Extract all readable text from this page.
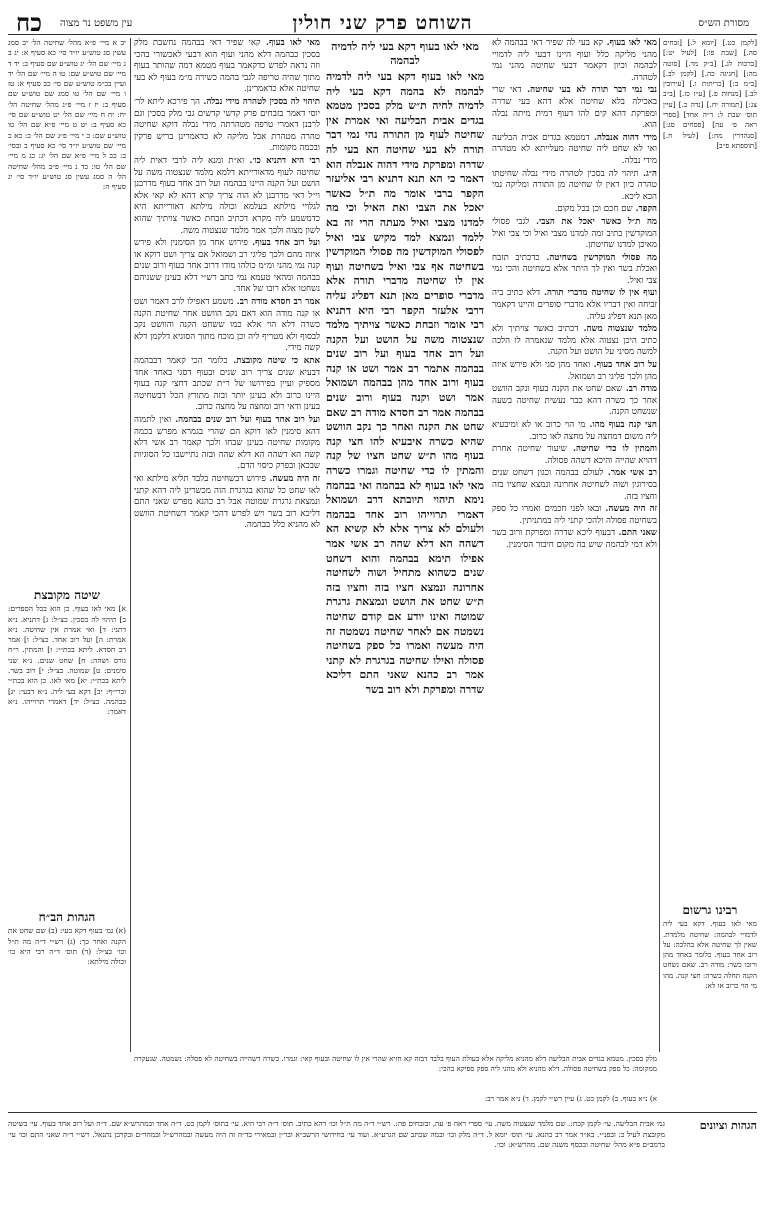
כח עין משפט נר מצוה	השוחט פרק שני חולין	מסורת הש״ס
[לקמן כט.] [יומא ל.] [זבחים סה.] [שבת פו:] [לעיל יט:] [ברכות לג.] [ב״ק מד.] [סוטה מה:] [חגיגה כה.] [לקמן לב.] [ב״מ ב:] [כריתות ו.] [עירובין לב.] [מנחות פ.] [ע״ז כז.] [ב״ב צג:] [תמורה יח.] [נדה כ.] [עיין תוס׳ שבת ל: ד״ה אחד] [ספרי ראה פ׳ עה] [פסחים סג:] [סנהדרין מח:] [לעיל ח.] [תוספתא פ״ב]

מאי לאו בעוף. קא בעי לה שפיר דאי בבהמה לא מהני מליקה כלל ועוף היינו דבעי ליה לדמויי לבהמה וכיון דקאמר דבעי שחיטה מהני נמי לטהרה.

נבי נמי דבר תורה לא בעי שחיטה. דאי שרי באכילה בלא שחיטה אלא דהא בעי שדרה ומפרקת דהא קים להו דעוף דמית מיתה נבלה הוא.

מידי דהוה אנבלה. דמטמא בגדים אבית הבליעה ואי לא שחט ליה שחיטה מעלייתא לא מטהרה מידי נבלה.

ה״ג. תיהוי לה בסכין לטהרה מידי נבלה שחיטתו טהרה כיון דאין לו שחיטה מן התורה ומליקה נמי הכא ליכא.

הקפר. שם חכם וכן בכל מקום.

מה ת״ל כאשר יאכל את הצבי. לגבי פסולי המוקדשין כתיב ומה למדנו מצבי ואיל וכי צבי ואיל מאיכן למדנו שחיטתן.

מה פסולי המוקדשין בשחיטה. כדכתיב תזבח ואכלת בשר ואין לך היתר אלא בשחיטה והכי נמי צבי ואיל.

ועוף אין לו שחיטה מדברי תורה. דלא כתיב ביה זביחה ואין דבריו אלא מדברי סופרים והיינו דקאמר מאן תנא דפליג עליה.

מלמד שנצטוה משה. דכתיב כאשר צויתיך ולא כתיב היכן נצטוה אלא מלמד שנאמרה לו הלכה למשה מסיני על הושט ועל הקנה.

על רוב אחד בעוף. ואחד מהן סגי ולא פירש איזה מהן ולכך פליגי רב ושמואל.

מודה רב. שאם שחט את הקנה בעוף ונקב הוושט אחר כך כשרה דהא כבר נעשית שחיטה בשעה שנשחט הקנה.

חצי קנה בעוף מהו. מי הוי כרוב או לא ומיבעיא ליה משום דמחצה על מחצה לאו כרוב.

והמתין לו כדי שחיטה. שיעור שחיטה אחרת דהויא שהייה והיכא דשהה פסולה.

רב אשי אמר. לעולם בבהמה וכגון דשחט שנים בסירוגין ושוה לשחיטה אחרונה ונמצא שחציו בזה וחציו בזה.

זה היה מעשה. ובאו לפני חכמים ואמרו כל ספק בשחיטה פסולה ולהכי קתני ליה במתניתין.

שאני התם. דבעוף ליכא שדרה ומפרקת ורוב בשר ולא דמי לבהמה שיש בה מקום חיבור הסימנין.

מאי לאו בעוף דקא בעי ליה לדמיה לבהמה
מאי לאו בעוף דקא בעי ליה לדמיה לבהמה לא בהמה דקא בעי ליה לדמיה לחיה ת״ש מלק בסכין מטמא בגדים אבית הבליעה ואי אמרת אין שחיטה לעוף מן התורה נהי נמי דבר תורה לא בעי שחיטה הא בעי לה שדרה ומפרקת מידי דהוה אנבלה הוא דאמר כי הא תנא דתניא רבי אליעזר הקפר ברבי אומר מה ת״ל כאשר יאכל את הצבי ואת האיל וכי מה למדנו מצבי ואיל מעתה הרי זה בא ללמד ונמצא למד מקיש צבי ואיל לפסולי המוקדשין מה פסולי המוקדשין בשחיטה אף צבי ואיל בשחיטה ועוף אין לו שחיטה מדברי תורה אלא מדברי סופרים מאן תנא דפליג עליה דרבי אלעזר הקפר רבי היא דתניא רבי אומר וזבחת כאשר צויתיך מלמד שנצטוה משה על הושט ועל הקנה ועל רוב אחד בעוף ועל רוב שנים בבהמה אתמר רב אמר ושט או קנה בעוף ורוב אחד מהן בבהמה ושמואל אמר ושט וקנה בעוף ורוב שנים בבהמה אמר רב חסדא מודה רב שאם שחט את הקנה ואחר כך נקב הוושט שהיא כשרה איבעיא להו חצי קנה בעוף מהו ת״ש שחט חציו של קנה והמתין לו כדי שחיטה וגמרו כשרה מאי לאו בעוף לא בבהמה ואי בבהמה נימא תיהוי תיובתא דרב ושמואל דאמרי תרוייהו רוב אחד בבהמה ולעולם לא צריך אלא לא קשיא הא דשהה הא דלא שהה רב אשי אמר אפילו תימא בבהמה והוא דשחט שנים כשהוא מתחיל ושוה לשחיטה אחרונה ונמצא חציו בזה וחציו בזה ת״ש שחט את הושט ונמצאת גרגרת שמוטה ואינו יודע אם קודם שחיטה נשמטה אם לאחר שחיטה נשמטה זה היה מעשה ואמרו כל ספק בשחיטה פסולה ואילו שחיטה בגרגרת לא קתני אמר רב כהנא שאני התם דליכא שדרה ומפרקת ולא רוב בשר

מאי לאו בעוף. קאי שפיר דאי בבהמה נחשבת מלק בסכין כבהמה דלא מהני ועוף הוא דבעי לאכשורי בהכי וזה נראה לפרש כדקאמר בעוף מטמא דמה שהותר בעוף מתוך שהיה טריפה לגבי בהמה כשירה מ״מ בעוף לא בעי שחיטה אלא כדאמרינן.

תיהוי לה בסכין לטהרה מידי נבלה. הך פירכא ליתא לר׳ יוסי דאמר בזבחים פרק קדשי קדשים גבי מלק בסכין וגם לרבנן דאמרי טרפה מטהרתה מידי נבלה דוקא שחיטה טהרה מטהרת אבל מליקה לא כדאמרינן בריש פרקין ובכמה מקומות.

רבי היא דתניא כו׳. וא״ת ומנא ליה לרבי דאית ליה שחיטה לעוף מדאורייתא דלמא מלמד שנצטוה משה על הושט ועל הקנה היינו בבהמה ועל רוב אחד בעוף מדרבנן וי״ל דאי מדרבנן לא הוה צריך קרא דהא לא קאי אלא לגלויי מילתא בעלמא וכולה מילתא דאורייתא היא כדמשמע ליה מקרא דכתיב וזבחת כאשר צויתיך שהוא לשון מצוה ולכך אמר מלמד שנצטוה משה.

ועל רוב אחד בעוף. פירוש אחד מן הסימנין ולא פירש איזה מהם ולכך פליגי רב ושמואל אם צריך ושט דוקא או קנה נמי מהני ומ״מ כולהו מודו דרוב אחד בעוף ורוב שנים בבהמה ומהאי טעמא נמי כתב רש״י דלא בעינן ששניהם נשחטו אלא רובו של אחד.

אמר רב חסדא מודה רב. משמע דאפילו לרב דאמר ושט או קנה מודה הוא דאם נקב הוושט אחר שחיטת הקנה כשרה דלא הוי אלא כמו ששחט הקנה והוושט נקב לבסוף ולא מטריף ליה וכן מוכח מתוך הסוגיא דלקמן דלא קשה מידי.

אתא כי שיטה מקובצת. כלומר הכי קאמר דבבהמה דבעיא שנים צריך רוב שנים ובעוף דסגי באחד אחד מספיק ועיין בפירושו של ר״ת שכתב דחצי קנה בעוף היינו כרוב ולא בעינן יותר ובזה מתורץ הכל דבשחיטה בעינן ודאי רוב ומחצה על מחצה כרוב.

ועל רוב אחד בעוף ועל רוב שנים בבהמה. ואין לתמוה דהא סימנין לאו דוקא הם שהרי בגמרא מפרש בכמה מקומות שחיטה בעינן שבחו ולכך קאמר רב אשי דלא קשה הא דשהה הא דלא שהה ובזה נתיישבו כל הסוגיות שבכאן ובפרק כיסוי הדם.

זה היה מעשה. פירוש דבשחיטה בלבד תליא מילתא ואי לאו שחט כל שהוא בגרגרת הוה מכשרינן ליה דהא קתני ונמצאת גרגרת שמוטה אבל רב כהנא מפרש שאני התם דליכא רוב בשר ויש לפרש דהכי קאמר דשחיטת הוושט לא מהניא כלל בבהמה.

יב א מיי׳ פ״א מהל׳ שחיטה הל׳ יב סמג עשין סג טוש״ע יו״ד סי׳ כא סעיף א: יג ב ג מיי׳ שם הל׳ יג טוש״ע שם סעיף ב: יד ד מיי׳ שם טוש״ע שם: טו ה מיי׳ שם הל׳ יד ועיין בכ״מ טוש״ע שם סי׳ כב סעיף א: טז ו מיי׳ שם הל׳ טו סמג שם טוש״ע שם סעיף ב: יז ז מיי׳ פ״ג מהל׳ שחיטה הל׳ יח: יח ח מיי׳ שם הל׳ יט טוש״ע שם סי׳ כא סעיף ב: יט ט מיי׳ פ״א שם הל׳ טו טוש״ע שם: כ י מיי׳ פ״ג שם הל׳ כ: כא כ מיי׳ שם טוש״ע יו״ד סי׳ כא סעיף ב ובסי׳ ב: כב ל מיי׳ פ״א שם הל׳ יג: כג מ מיי׳ שם הל׳ טו: כד נ מיי׳ פ״ב מהל׳ שחיטה הל׳ ה סמג עשין סג טוש״ע יו״ד סי׳ יג סעיף ה:
שיטה מקובצת
א] מאי לאו בעוף. כן הוא בכל הספרים: ב] תיהוי לה בסכין. כצ״ל: ג] דתניא. נ״א דתני: ד] ואי אמרת אין שחיטה. נ״א אמרת: ה] ועל רוב אחד. כצ״ל: ו] אמר רב חסדא. ליתא בכת״י: ז] והמתין. ר״ח גורס ושהה: ח] שחט שנים. נ״א שני סימנים: ט] שמוטה. כצ״ל: י] רוב בשר. ליתא בכת״י: יא] מאי לאו. כן הוא בכת״י וברי״ף: יב] דקא בעי ליה. נ״א דבעי: יג] בבהמה. כצ״ל: יד] דאמרי תרוייהו. נ״א דאמר:
הגהות הב״ח
(א) גמ׳ בעוף דקא בעי: (ב) שם שחט את הקנה ואחר כך: (ג) רש״י ד״ה מה ת״ל וכו׳ כצ״ל: (ד) תוס׳ ד״ה רבי היא כו׳ וכולה מילתא:
רבינו גרשום
מאי לאו בעוף. דקא בעי ליה לדמויי לבהמה: שחיטה מלמדת. שאין לך שחיטה אלא בהלכה: על רוב אחד בעוף. כלומר באחד מהן ורובו כשר: מודה רב. שאם נשחט הקנה תחלה כשרה: חצי קנה. מהו מי הוי כרוב או לא:
מלק בסכין. מטמא בגדים אבית הבליעה דלא מהניא מליקה אלא בעולת העוף בלבד דבזה קא חזיא שהרי אין לו שחיטה ובעוף קאי: וגמרו. כשרה דשהייה בשחיטה לא פסלה: נשמטה. שנעקרה ממקומה: כל ספק בשחיטה פסולה. דלא מהניא ולא מהני ליה ספק ספיקא בהכי:
א) נ״א בעוף. ב) לקמן כט. ג) עיין רש״י לקמן. ד) נ״א אמר רב:
הגהות וציונים
גמ׳ אבית הבליעה. עי׳ לקמן קכח:. שם מלמד שנצטוה משה. עי׳ ספרי ראה פ׳ עה, ובזבחים פה:. רש״י ד״ה מה ת״ל וכו׳ דהא כתיב. תוס׳ ד״ה רבי היא. עי׳ בתוס׳ לקמן כט. ד״ה אחד ובמהרש״א שם. ד״ה ועל רוב אחד בעוף. עי׳ בשיטה מקובצת לעיל כ: ובפנ״י. בא״ד אמר רב כהנא. עי׳ תוס׳ יומא ל. ד״ה מלק וכו׳ ובמה שכתב שם הגרע״א. ועוד עי׳ בחידושי הרשב״א ובר״ן ובמאירי בד״ה זה היה מעשה ובמהרש״ל ובמהר״ם ובקרבן נתנאל. רש״י ד״ה שאני התם וכו׳ עי׳ ברמב״ם פ״א מהל׳ שחיטה ובכסף משנה שם. מהרש״א: וכו׳.
